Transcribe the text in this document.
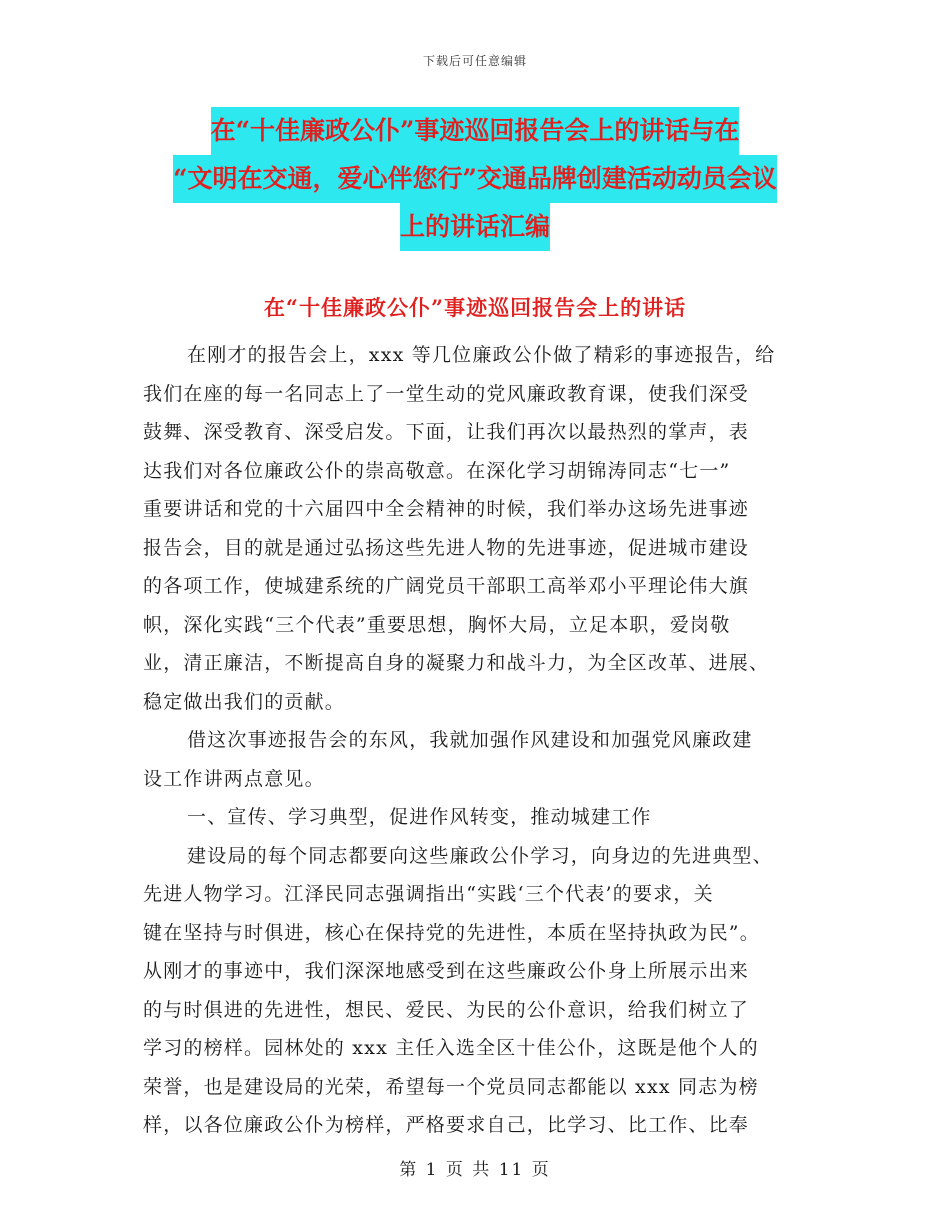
下载后可任意编辑
在“十佳廉政公仆”事迹巡回报告会上的讲话与在
“文明在交通，爱心伴您行”交通品牌创建活动动员会议
上的讲话汇编
在“十佳廉政公仆”事迹巡回报告会上的讲话
在刚才的报告会上，xxx 等几位廉政公仆做了精彩的事迹报告，给
我们在座的每一名同志上了一堂生动的党风廉政教育课，使我们深受
鼓舞、深受教育、深受启发。下面，让我们再次以最热烈的掌声，表
达我们对各位廉政公仆的崇高敬意。在深化学习胡锦涛同志“七一”
重要讲话和党的十六届四中全会精神的时候，我们举办这场先进事迹
报告会，目的就是通过弘扬这些先进人物的先进事迹，促进城市建设
的各项工作，使城建系统的广阔党员干部职工高举邓小平理论伟大旗
帜，深化实践“三个代表”重要思想，胸怀大局，立足本职，爱岗敬
业，清正廉洁，不断提高自身的凝聚力和战斗力，为全区改革、进展、
稳定做出我们的贡献。
借这次事迹报告会的东风，我就加强作风建设和加强党风廉政建
设工作讲两点意见。
一、宣传、学习典型，促进作风转变，推动城建工作
建设局的每个同志都要向这些廉政公仆学习，向身边的先进典型、
先进人物学习。江泽民同志强调指出“实践‘三个代表’的要求，关
键在坚持与时俱进，核心在保持党的先进性，本质在坚持执政为民”。
从刚才的事迹中，我们深深地感受到在这些廉政公仆身上所展示出来
的与时俱进的先进性，想民、爱民、为民的公仆意识，给我们树立了
学习的榜样。园林处的 xxx 主任入选全区十佳公仆，这既是他个人的
荣誉，也是建设局的光荣，希望每一个党员同志都能以 xxx 同志为榜
样，以各位廉政公仆为榜样，严格要求自己，比学习、比工作、比奉
第 1 页 共 11 页
